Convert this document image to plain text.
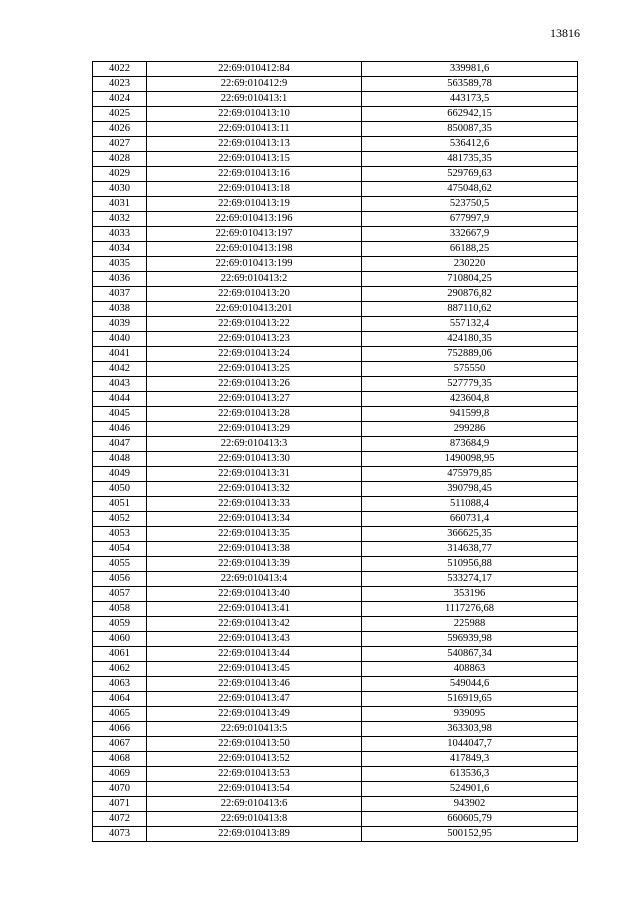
13816
4022	22:69:010412:84	339981,6
4023	22:69:010412:9	563589,78
4024	22:69:010413:1	443173,5
4025	22:69:010413:10	662942,15
4026	22:69:010413:11	850087,35
4027	22:69:010413:13	536412,6
4028	22:69:010413:15	481735,35
4029	22:69:010413:16	529769,63
4030	22:69:010413:18	475048,62
4031	22:69:010413:19	523750,5
4032	22:69:010413:196	677997,9
4033	22:69:010413:197	332667,9
4034	22:69:010413:198	66188,25
4035	22:69:010413:199	230220
4036	22:69:010413:2	710804,25
4037	22:69:010413:20	290876,82
4038	22:69:010413:201	887110,62
4039	22:69:010413:22	557132,4
4040	22:69:010413:23	424180,35
4041	22:69:010413:24	752889,06
4042	22:69:010413:25	575550
4043	22:69:010413:26	527779,35
4044	22:69:010413:27	423604,8
4045	22:69:010413:28	941599,8
4046	22:69:010413:29	299286
4047	22:69:010413:3	873684,9
4048	22:69:010413:30	1490098,95
4049	22:69:010413:31	475979,85
4050	22:69:010413:32	390798,45
4051	22:69:010413:33	511088,4
4052	22:69:010413:34	660731,4
4053	22:69:010413:35	366625,35
4054	22:69:010413:38	314638,77
4055	22:69:010413:39	510956,88
4056	22:69:010413:4	533274,17
4057	22:69:010413:40	353196
4058	22:69:010413:41	1117276,68
4059	22:69:010413:42	225988
4060	22:69:010413:43	596939,98
4061	22:69:010413:44	540867,34
4062	22:69:010413:45	408863
4063	22:69:010413:46	549044,6
4064	22:69:010413:47	516919,65
4065	22:69:010413:49	939095
4066	22:69:010413:5	363303,98
4067	22:69:010413:50	1044047,7
4068	22:69:010413:52	417849,3
4069	22:69:010413:53	613536,3
4070	22:69:010413:54	524901,6
4071	22:69:010413:6	943902
4072	22:69:010413:8	660605,79
4073	22:69:010413:89	500152,95
